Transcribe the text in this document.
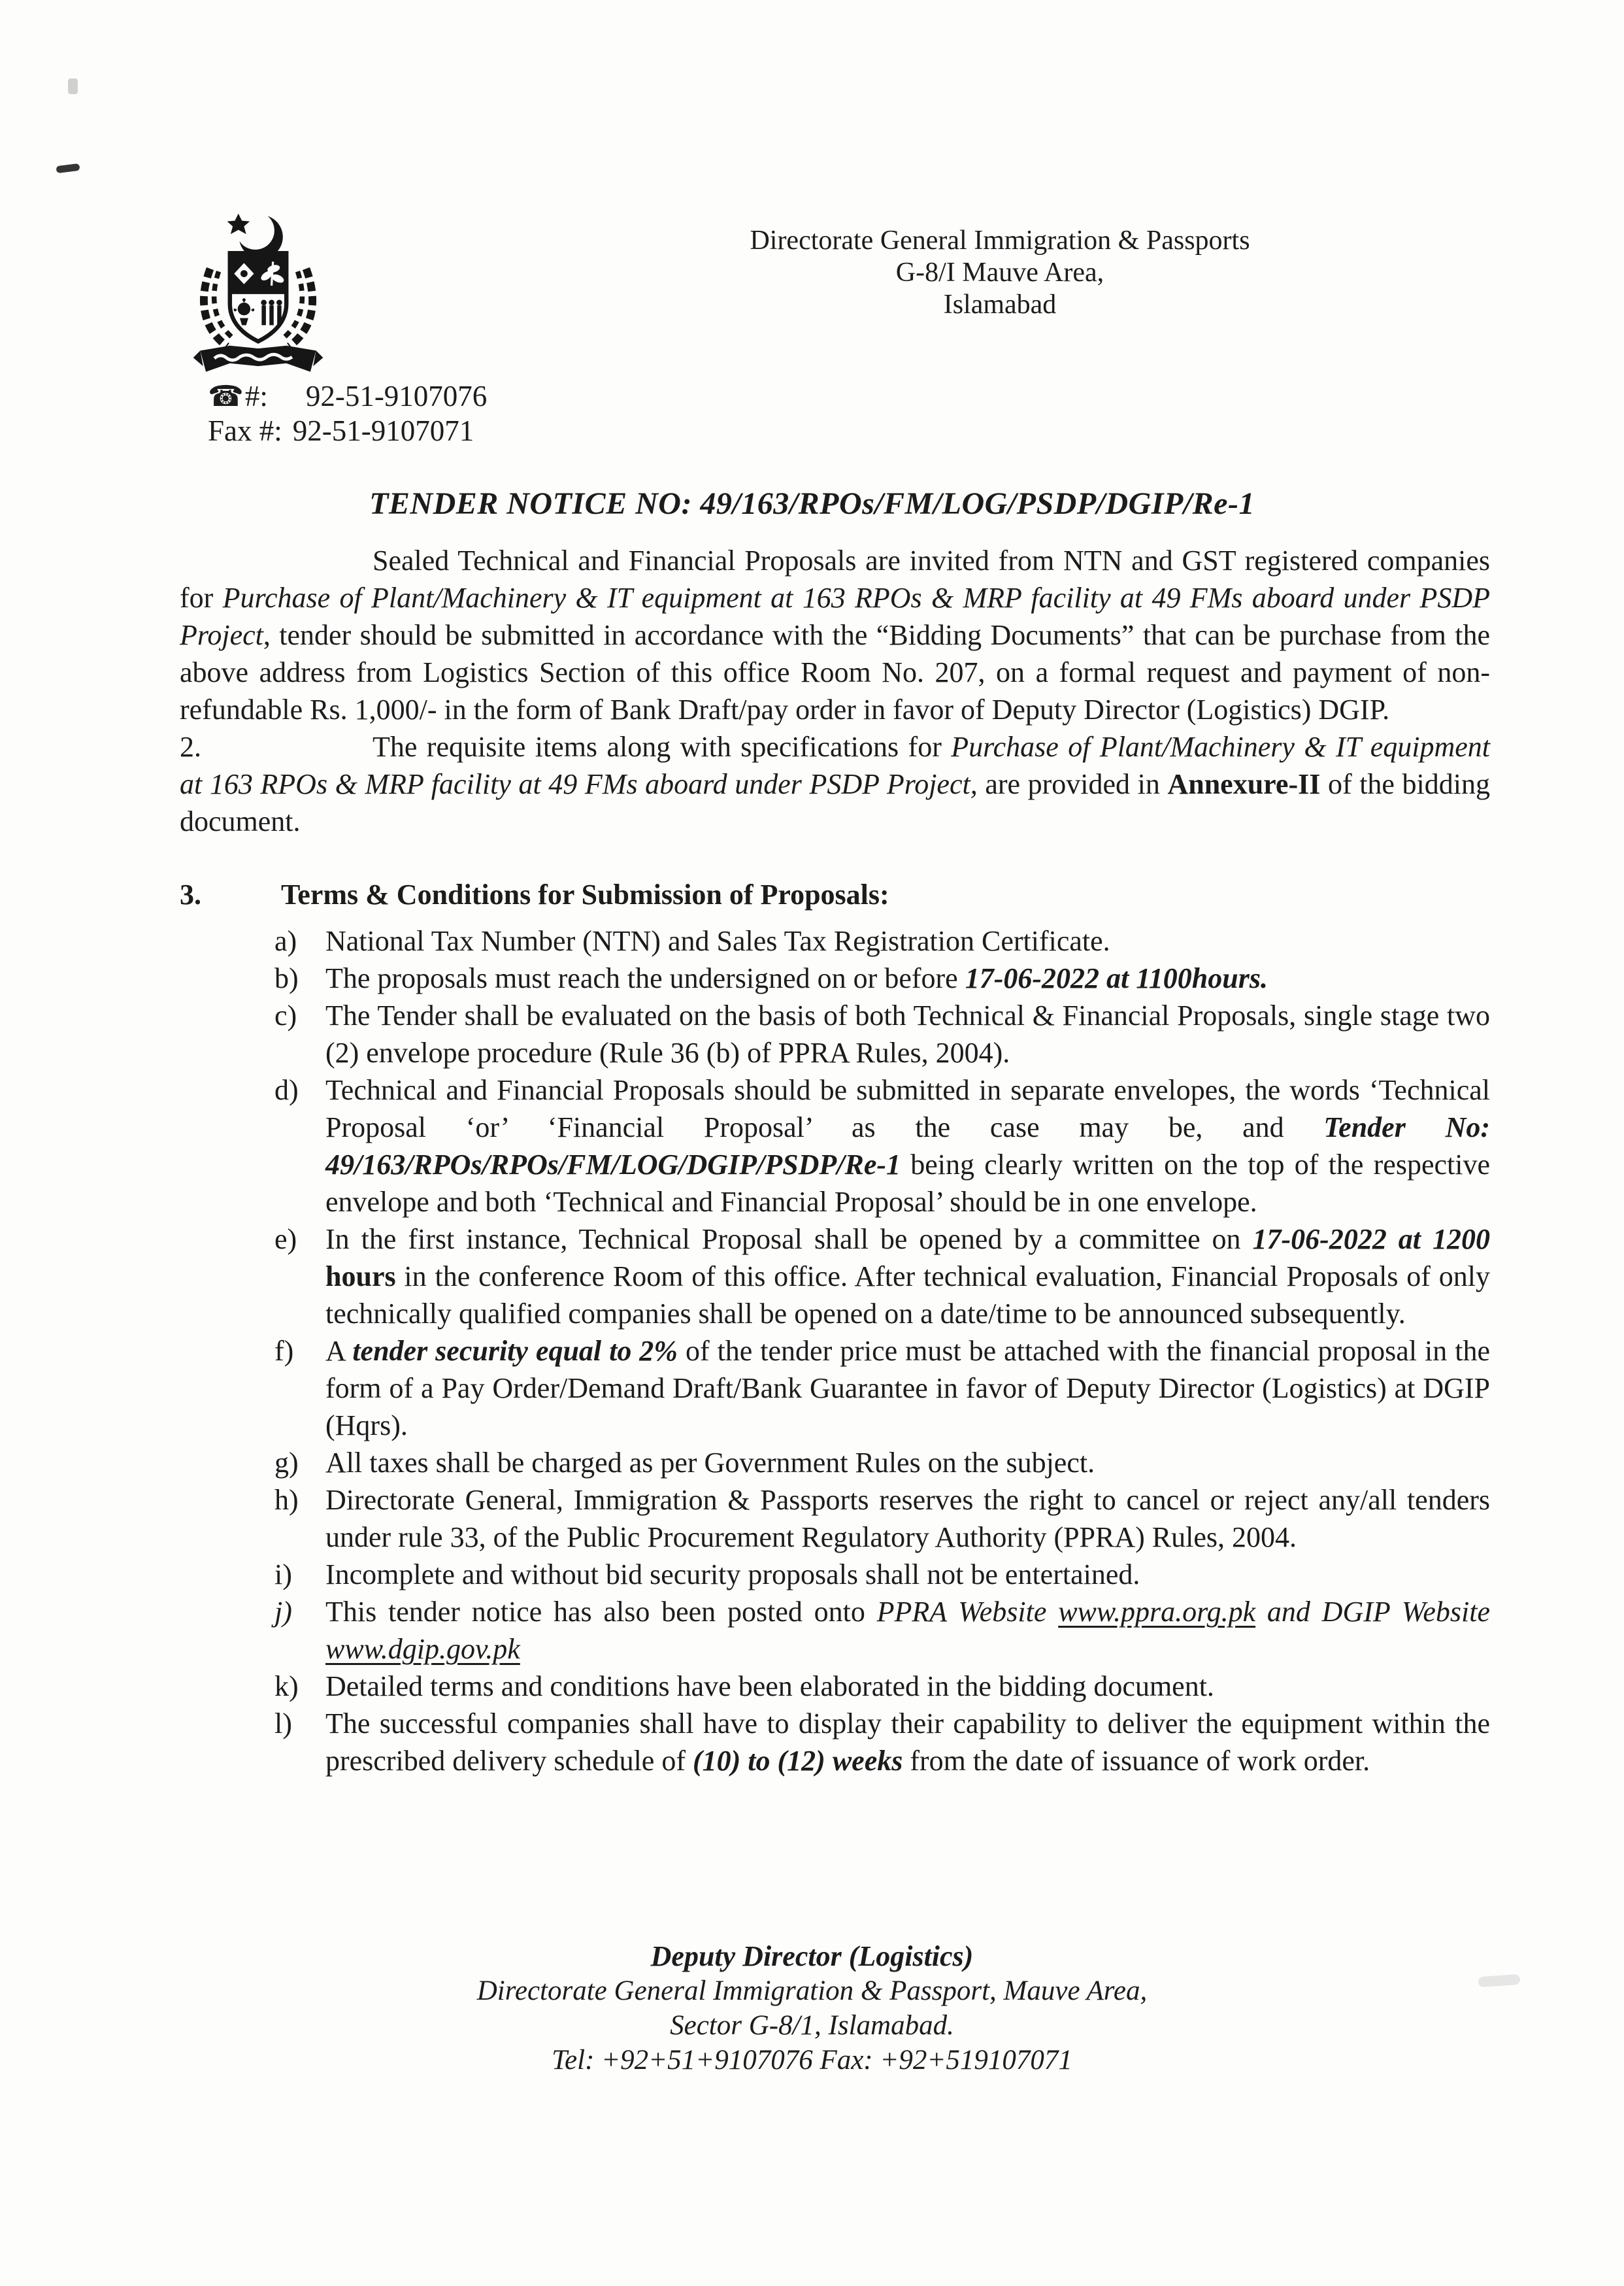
Directorate General Immigration & Passports
G-8/I Mauve Area,
Islamabad
☎#: 92-51-9107076
Fax #: 92-51-9107071
TENDER NOTICE NO: 49/163/RPOs/FM/LOG/PSDP/DGIP/Re-1

Sealed Technical and Financial Proposals are invited from NTN and GST registered companies for Purchase of Plant/Machinery & IT equipment at 163 RPOs & MRP facility at 49 FMs aboard under PSDP Project, tender should be submitted in accordance with the “Bidding Documents” that can be purchase from the above address from Logistics Section of this office Room No. 207, on a formal request and payment of non-refundable Rs. 1,000/- in the form of Bank Draft/pay order in favor of Deputy Director (Logistics) DGIP.

2.	The requisite items along with specifications for Purchase of Plant/Machinery & IT equipment at 163 RPOs & MRP facility at 49 FMs aboard under PSDP Project, are provided in Annexure-II of the bidding document.

3.	Terms & Conditions for Submission of Proposals:
a) National Tax Number (NTN) and Sales Tax Registration Certificate.
b) The proposals must reach the undersigned on or before 17-06-2022 at 1100hours.
c) The Tender shall be evaluated on the basis of both Technical & Financial Proposals, single stage two (2) envelope procedure (Rule 36 (b) of PPRA Rules, 2004).
d) Technical and Financial Proposals should be submitted in separate envelopes, the words ‘Technical Proposal ‘or’ ‘Financial Proposal’ as the case may be, and Tender No: 49/163/RPOs/RPOs/FM/LOG/DGIP/PSDP/Re-1 being clearly written on the top of the respective envelope and both ‘Technical and Financial Proposal’ should be in one envelope.
e) In the first instance, Technical Proposal shall be opened by a committee on 17-06-2022 at 1200 hours in the conference Room of this office. After technical evaluation, Financial Proposals of only technically qualified companies shall be opened on a date/time to be announced subsequently.
f)	A tender security equal to 2% of the tender price must be attached with the financial proposal in the form of a Pay Order/Demand Draft/Bank Guarantee in favor of Deputy Director (Logistics) at DGIP (Hqrs).
g) All taxes shall be charged as per Government Rules on the subject.
h) Directorate General, Immigration & Passports reserves the right to cancel or reject any/all tenders under rule 33, of the Public Procurement Regulatory Authority (PPRA) Rules, 2004.
i)	Incomplete and without bid security proposals shall not be entertained.
j)	This tender notice has also been posted onto PPRA Website www.ppra.org.pk and DGIP Website www.dgip.gov.pk
k) Detailed terms and conditions have been elaborated in the bidding document.
l)	The successful companies shall have to display their capability to deliver the equipment within the prescribed delivery schedule of (10) to (12) weeks from the date of issuance of work order.
Deputy Director (Logistics)
Directorate General Immigration & Passport, Mauve Area,
Sector G-8/1, Islamabad.
Tel: +92+51+9107076 Fax: +92+519107071
